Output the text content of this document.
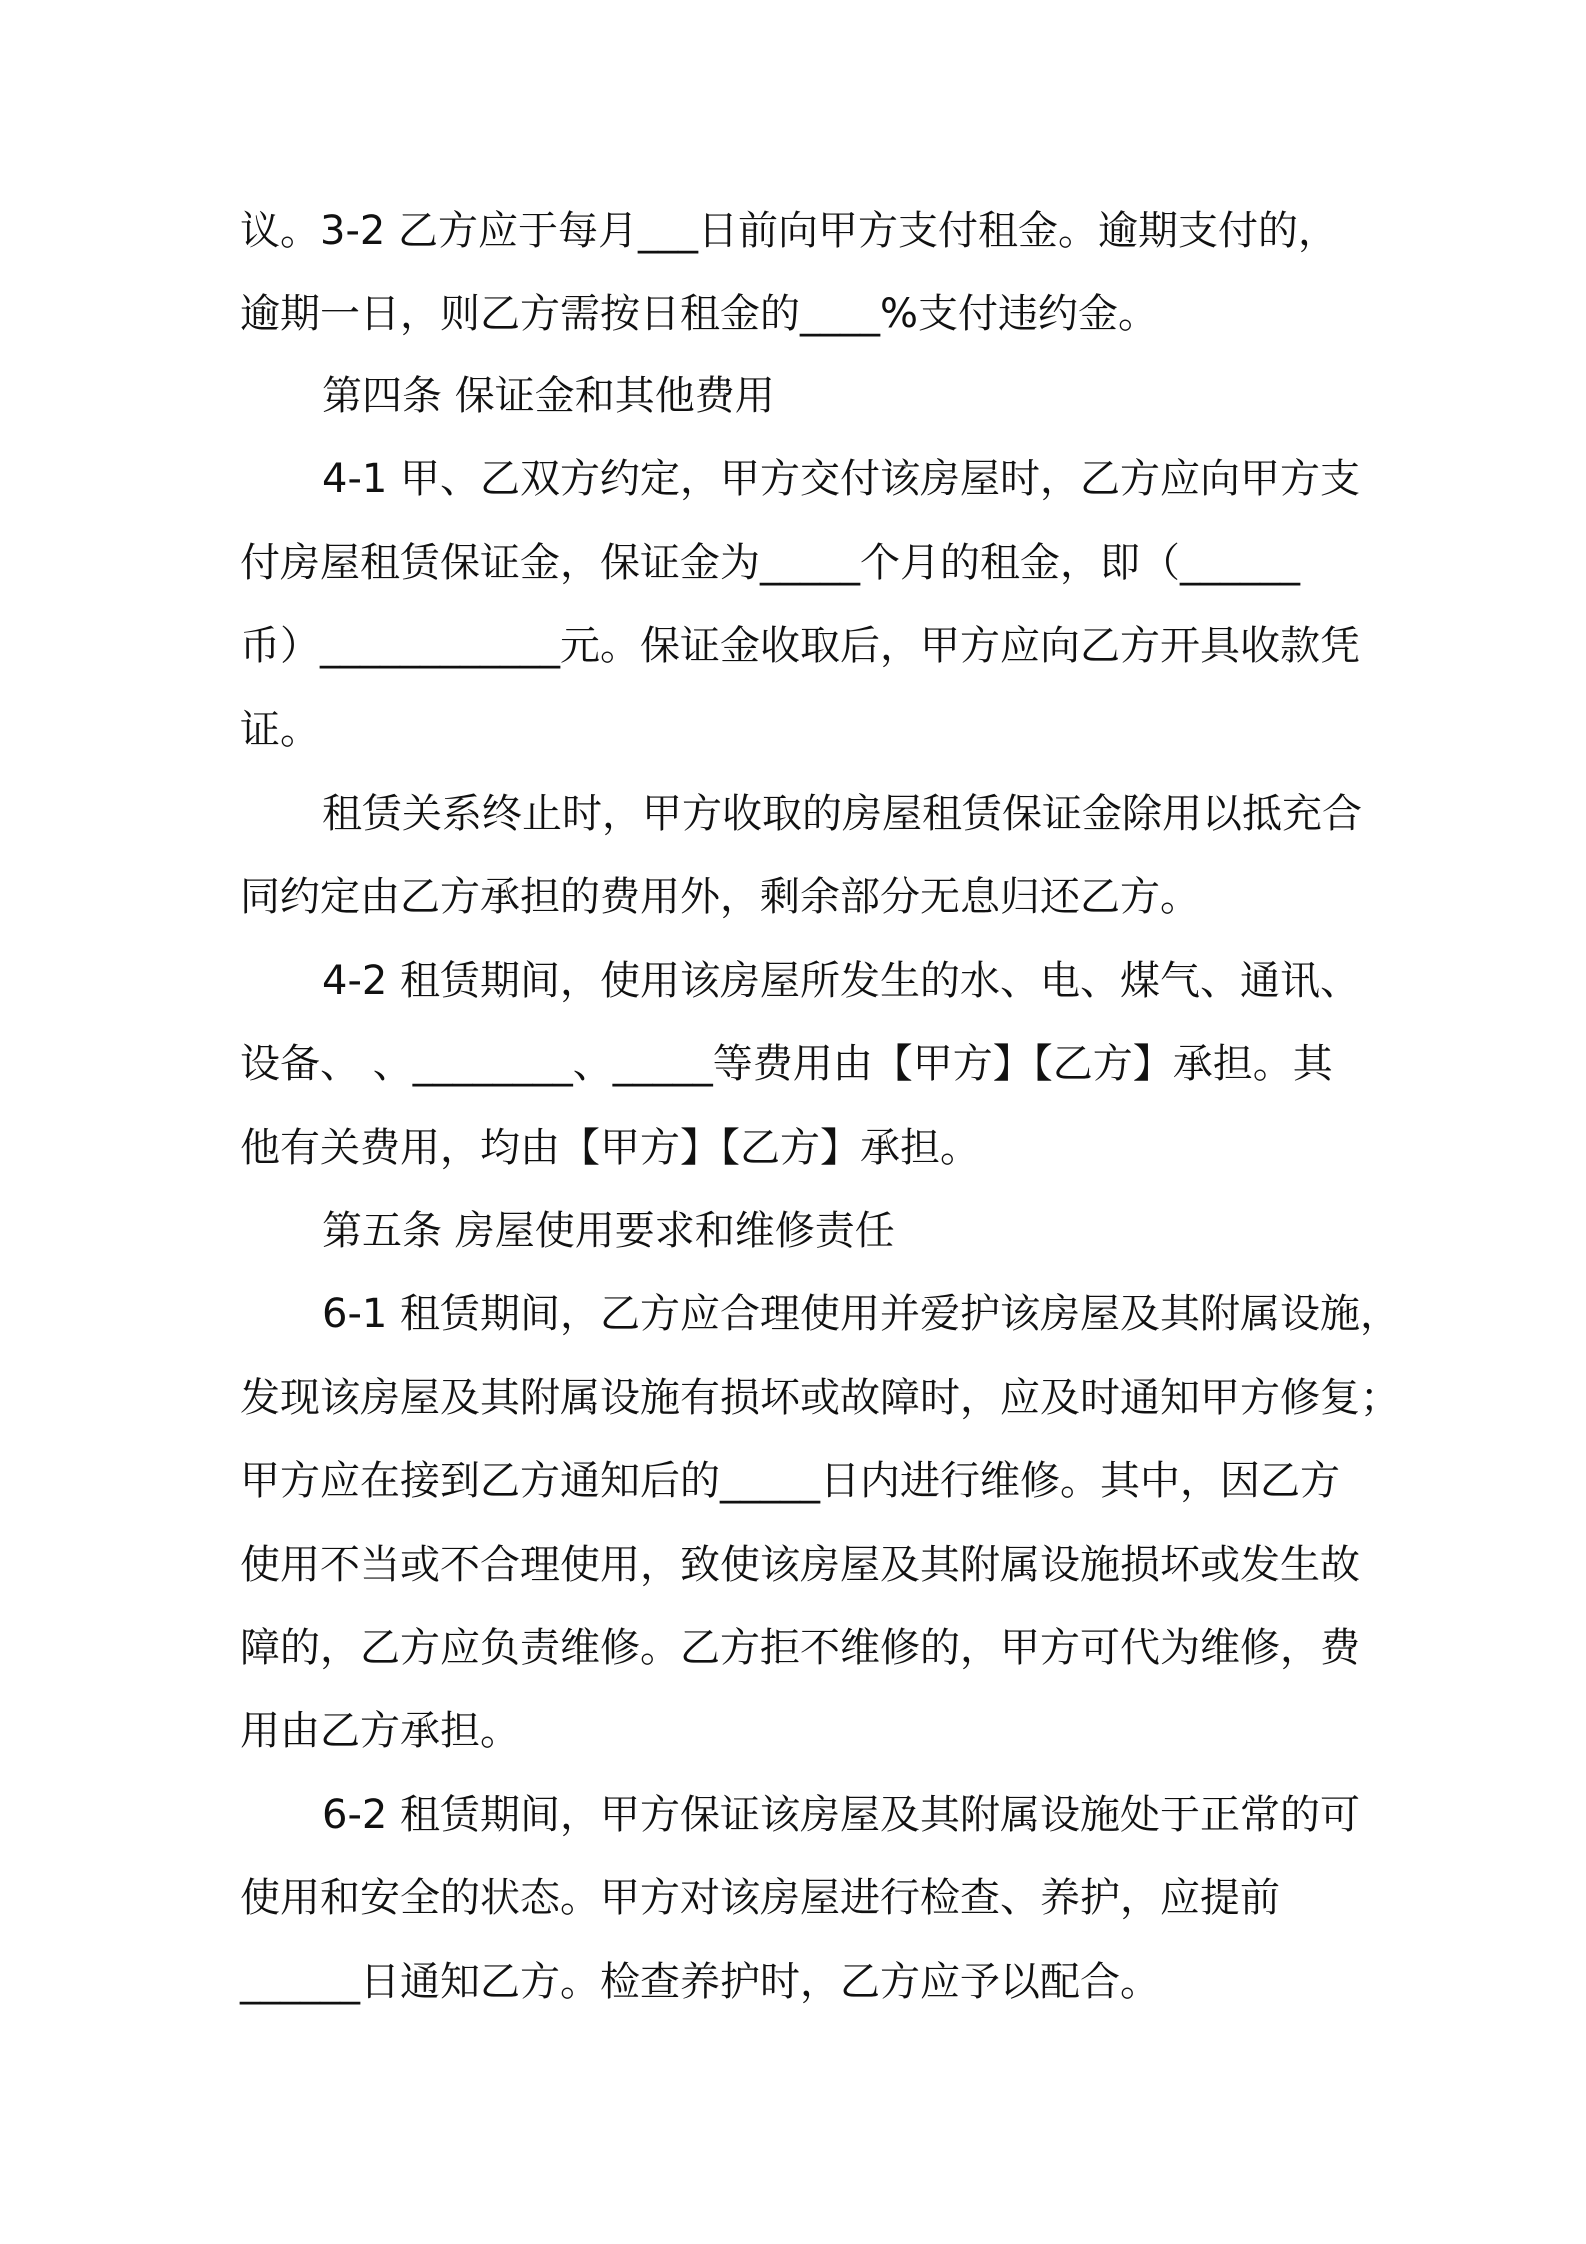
议。3-2 乙方应于每月___日前向甲方支付租金。逾期支付的，
逾期一日，则乙方需按日租金的____%支付违约金。
第四条 保证金和其他费用
4-1 甲、乙双方约定，甲方交付该房屋时，乙方应向甲方支
付房屋租赁保证金，保证金为_____个月的租金，即（______
币）____________元。保证金收取后，甲方应向乙方开具收款凭
证。
租赁关系终止时，甲方收取的房屋租赁保证金除用以抵充合
同约定由乙方承担的费用外，剩余部分无息归还乙方。
4-2 租赁期间，使用该房屋所发生的水、电、煤气、通讯、
设备、 、________、_____等费用由【甲方】【乙方】承担。其
他有关费用，均由【甲方】【乙方】承担。
第五条 房屋使用要求和维修责任
6-1 租赁期间，乙方应合理使用并爱护该房屋及其附属设施，
发现该房屋及其附属设施有损坏或故障时，应及时通知甲方修复；
甲方应在接到乙方通知后的_____日内进行维修。其中，因乙方
使用不当或不合理使用，致使该房屋及其附属设施损坏或发生故
障的，乙方应负责维修。乙方拒不维修的，甲方可代为维修，费
用由乙方承担。
6-2 租赁期间，甲方保证该房屋及其附属设施处于正常的可
使用和安全的状态。甲方对该房屋进行检查、养护，应提前
______日通知乙方。检查养护时，乙方应予以配合。
